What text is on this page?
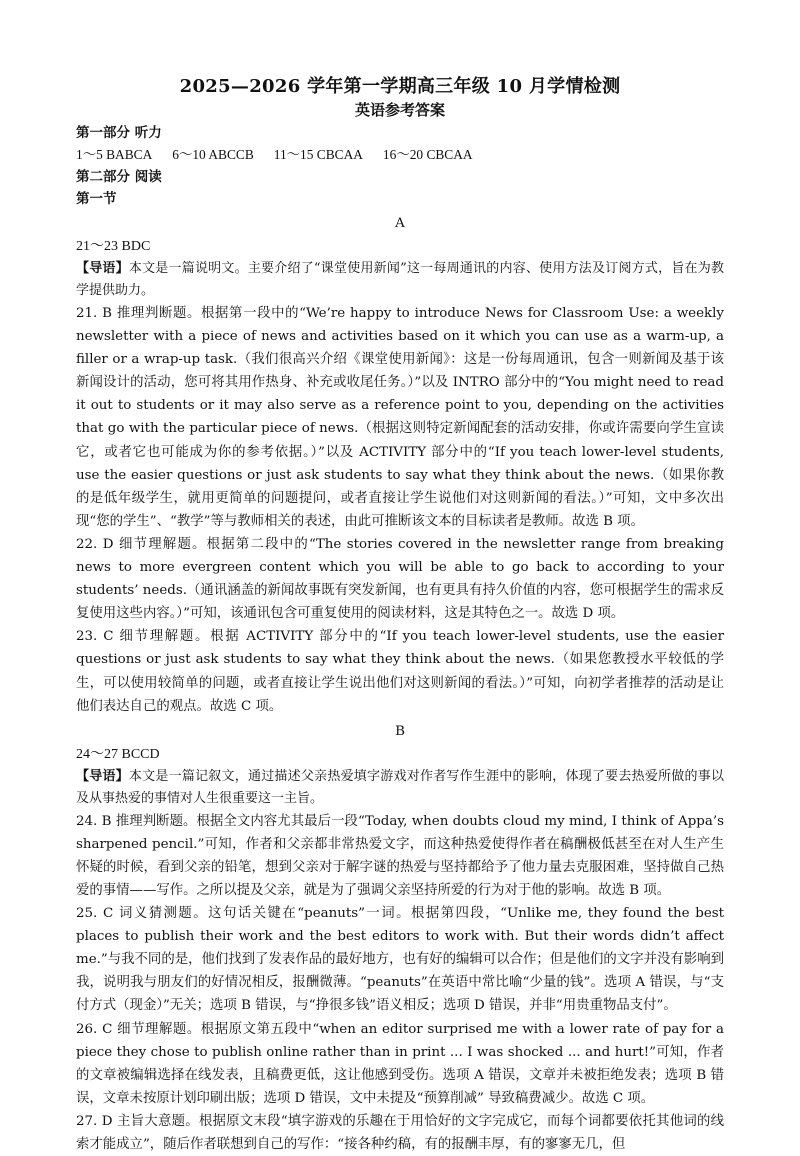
2025—2026 学年第一学期高三年级 10 月学情检测
英语参考答案
第一部分 听力
1～5 BABCA 6～10 ABCCB 11～15 CBCAA 16～20 CBCAA
第二部分 阅读
第一节
A
21～23 BDC
【导语】本文是一篇说明文。主要介绍了“课堂使用新闻”这一每周通讯的内容、使用方法及订阅方式，旨在为教学提供助力。
21. B 推理判断题。根据第一段中的“We’re happy to introduce News for Classroom Use: a weekly newsletter with a piece of news and activities based on it which you can use as a warm-up, a filler or a wrap-up task.（我们很高兴介绍《课堂使用新闻》：这是一份每周通讯，包含一则新闻及基于该新闻设计的活动，您可将其用作热身、补充或收尾任务。）”以及 INTRO 部分中的“You might need to read it out to students or it may also serve as a reference point to you, depending on the activities that go with the particular piece of news.（根据这则特定新闻配套的活动安排，你或许需要向学生宣读它，或者它也可能成为你的参考依据。）”以及 ACTIVITY 部分中的“If you teach lower-level students, use the easier questions or just ask students to say what they think about the news.（如果你教的是低年级学生，就用更简单的问题提问，或者直接让学生说他们对这则新闻的看法。）”可知，文中多次出现“您的学生”、“教学”等与教师相关的表述，由此可推断该文本的目标读者是教师。故选 B 项。
22. D 细节理解题。根据第二段中的“The stories covered in the newsletter range from breaking news to more evergreen content which you will be able to go back to according to your students’ needs.（通讯涵盖的新闻故事既有突发新闻，也有更具有持久价值的内容，您可根据学生的需求反复使用这些内容。）”可知，该通讯包含可重复使用的阅读材料，这是其特色之一。故选 D 项。
23. C 细节理解题。根据 ACTIVITY 部分中的“If you teach lower-level students, use the easier questions or just ask students to say what they think about the news.（如果您教授水平较低的学生，可以使用较简单的问题，或者直接让学生说出他们对这则新闻的看法。）”可知，向初学者推荐的活动是让他们表达自己的观点。故选 C 项。
B
24～27 BCCD
【导语】本文是一篇记叙文，通过描述父亲热爱填字游戏对作者写作生涯中的影响，体现了要去热爱所做的事以及从事热爱的事情对人生很重要这一主旨。
24. B 推理判断题。根据全文内容尤其最后一段“Today, when doubts cloud my mind, I think of Appa’s sharpened pencil.”可知，作者和父亲都非常热爱文字，而这种热爱使得作者在稿酬极低甚至在对人生产生怀疑的时候，看到父亲的铅笔，想到父亲对于解字谜的热爱与坚持都给予了他力量去克服困难，坚持做自己热爱的事情——写作。之所以提及父亲，就是为了强调父亲坚持所爱的行为对于他的影响。故选 B 项。
25. C 词义猜测题。这句话关键在“peanuts”一词。根据第四段，“Unlike me, they found the best places to publish their work and the best editors to work with. But their words didn’t affect me.”与我不同的是，他们找到了发表作品的最好地方，也有好的编辑可以合作；但是他们的文字并没有影响到我，说明我与朋友们的好情况相反，报酬微薄。“peanuts”在英语中常比喻“少量的钱”。选项 A 错误，与“支付方式（现金）”无关；选项 B 错误，与“挣很多钱”语义相反；选项 D 错误，并非“用贵重物品支付”。
26. C 细节理解题。根据原文第五段中“when an editor surprised me with a lower rate of pay for a piece they chose to publish online rather than in print ... I was shocked ... and hurt!”可知，作者的文章被编辑选择在线发表，且稿费更低，这让他感到受伤。选项 A 错误，文章并未被拒绝发表；选项 B 错误，文章未按原计划印刷出版；选项 D 错误，文中未提及“预算削减” 导致稿费减少。故选 C 项。
27. D 主旨大意题。根据原文末段“填字游戏的乐趣在于用恰好的文字完成它，而每个词都要依托其他词的线索才能成立”，随后作者联想到自己的写作：“接各种约稿，有的报酬丰厚，有的寥寥无几，但
